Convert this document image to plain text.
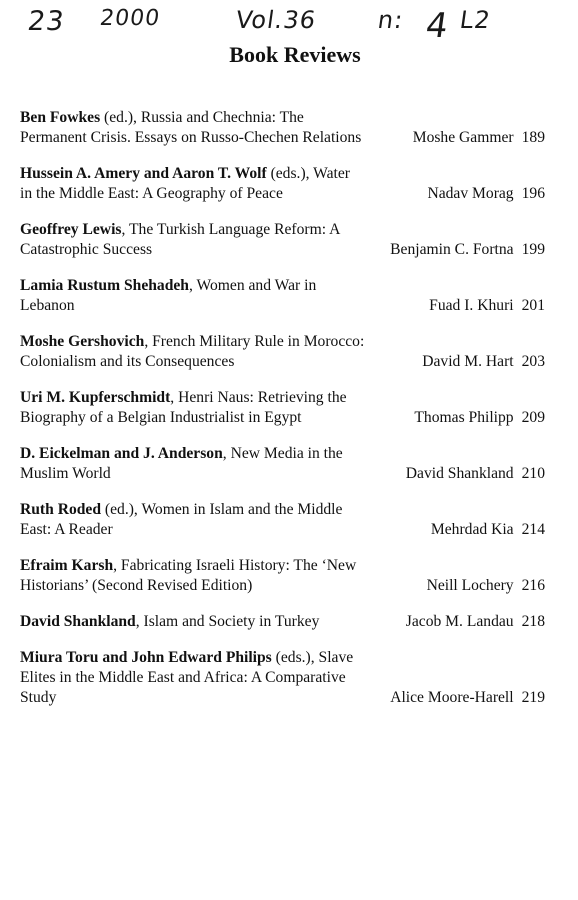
23 2000	Vol.36 n: 4 L2
Book Reviews
Ben Fowkes (ed.), Russia and Chechnia: The Permanent Crisis. Essays on Russo-Chechen Relations	Moshe Gammer 189
Hussein A. Amery and Aaron T. Wolf (eds.), Water in the Middle East: A Geography of Peace	Nadav Morag 196
Geoffrey Lewis, The Turkish Language Reform: A Catastrophic Success	Benjamin C. Fortna 199
Lamia Rustum Shehadeh, Women and War in Lebanon	Fuad I. Khuri 201
Moshe Gershovich, French Military Rule in Morocco: Colonialism and its Consequences	David M. Hart 203
Uri M. Kupferschmidt, Henri Naus: Retrieving the Biography of a Belgian Industrialist in Egypt	Thomas Philipp 209
D. Eickelman and J. Anderson, New Media in the Muslim World	David Shankland 210
Ruth Roded (ed.), Women in Islam and the Middle East: A Reader	Mehrdad Kia 214
Efraim Karsh, Fabricating Israeli History: The ‘New Historians’ (Second Revised Edition)	Neill Lochery 216
David Shankland, Islam and Society in Turkey	Jacob M. Landau 218
Miura Toru and John Edward Philips (eds.), Slave Elites in the Middle East and Africa: A Comparative Study	Alice Moore-Harell 219
